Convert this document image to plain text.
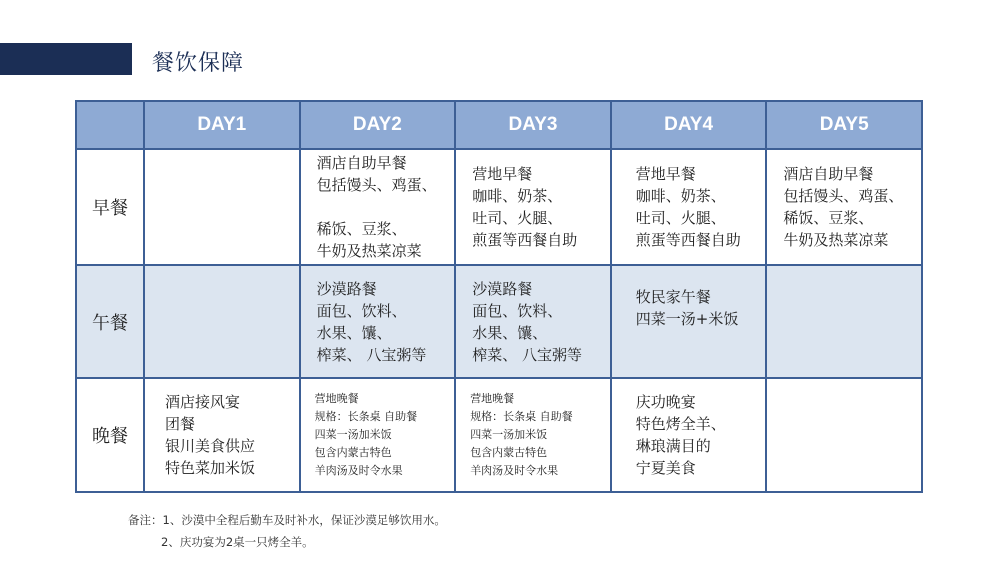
餐饮保障
	DAY1	DAY2	DAY3	DAY4	DAY5
早餐		酒店自助早餐
包括馒头、鸡蛋、

稀饭、豆浆、
牛奶及热菜凉菜	营地早餐
咖啡、奶茶、
吐司、火腿、
煎蛋等西餐自助	营地早餐
咖啡、奶茶、
吐司、火腿、
煎蛋等西餐自助	酒店自助早餐
包括馒头、鸡蛋、
稀饭、豆浆、
牛奶及热菜凉菜

午餐		沙漠路餐
面包、饮料、
水果、馕、
榨菜、 八宝粥等	沙漠路餐
面包、饮料、
水果、馕、
榨菜、 八宝粥等	牧民家午餐
四菜一汤+米饭	

晚餐	酒店接风宴
团餐
银川美食供应
特色菜加米饭	营地晚餐
规格：长条桌 自助餐
四菜一汤加米饭
包含内蒙古特色
羊肉汤及时令水果	营地晚餐
规格：长条桌 自助餐
四菜一汤加米饭
包含内蒙古特色
羊肉汤及时令水果	庆功晚宴
特色烤全羊、
琳琅满目的
宁夏美食	

备注：1、沙漠中全程后勤车及时补水，保证沙漠足够饮用水。
2、庆功宴为2桌一只烤全羊。
